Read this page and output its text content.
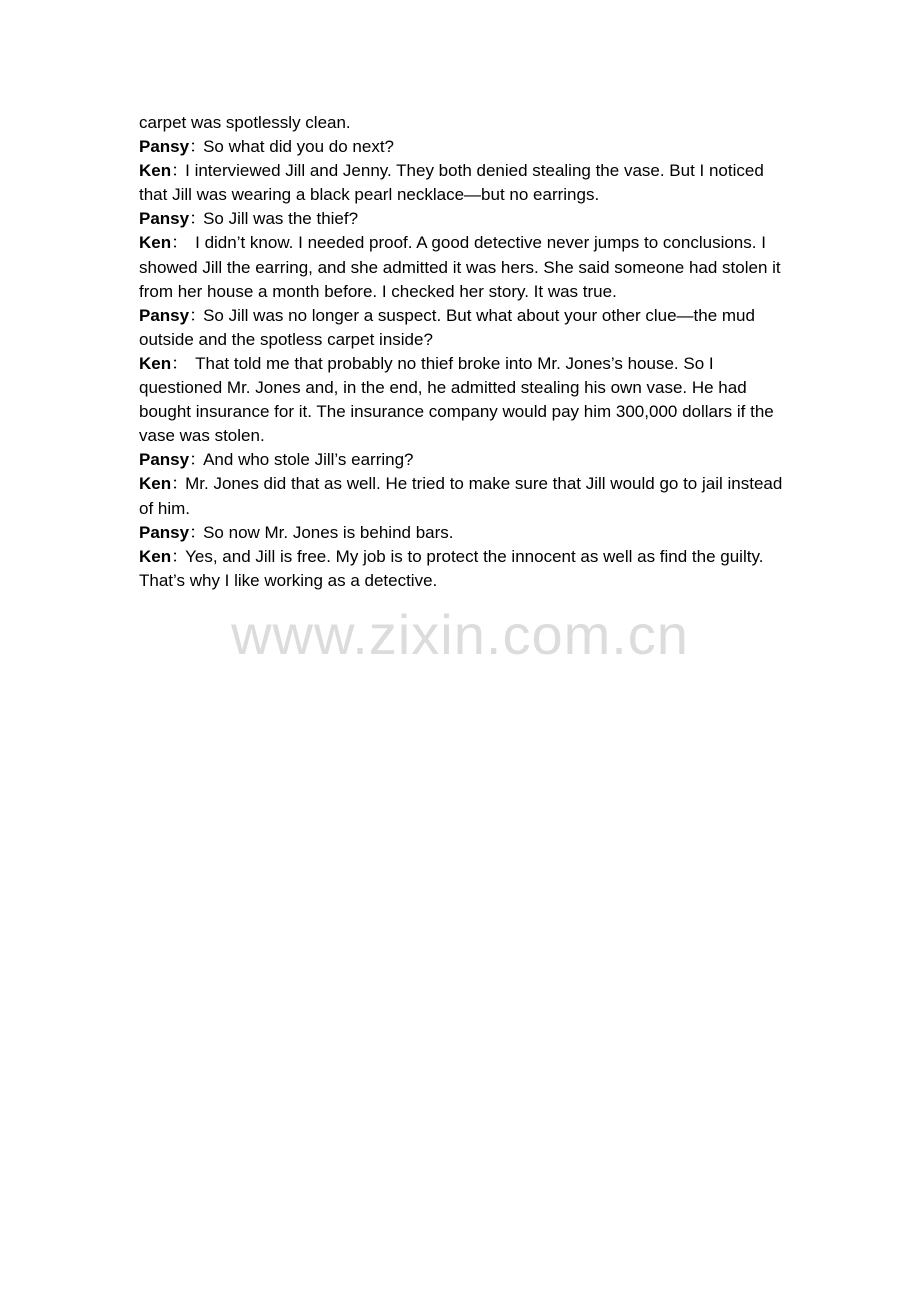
carpet was spotlessly clean.

Pansy：So what did you do next?

Ken：I interviewed Jill and Jenny. They both denied stealing the vase. But I noticed that Jill was wearing a black pearl necklace—but no earrings.

Pansy：So Jill was the thief?

Ken： I didn’t know. I needed proof. A good detective never jumps to conclusions. I showed Jill the earring, and she admitted it was hers. She said someone had stolen it from her house a month before. I checked her story. It was true.

Pansy：So Jill was no longer a suspect. But what about your other clue—the mud outside and the spotless carpet inside?

Ken： That told me that probably no thief broke into Mr. Jones’s house. So I questioned Mr. Jones and, in the end, he admitted stealing his own vase. He had bought insurance for it. The insurance company would pay him 300,000 dollars if the vase was stolen.

Pansy：And who stole Jill’s earring?

Ken：Mr. Jones did that as well. He tried to make sure that Jill would go to jail instead of him.

Pansy：So now Mr. Jones is behind bars.

Ken：Yes, and Jill is free. My job is to protect the innocent as well as find the guilty. That’s why I like working as a detective.

www.zixin.com.cn
